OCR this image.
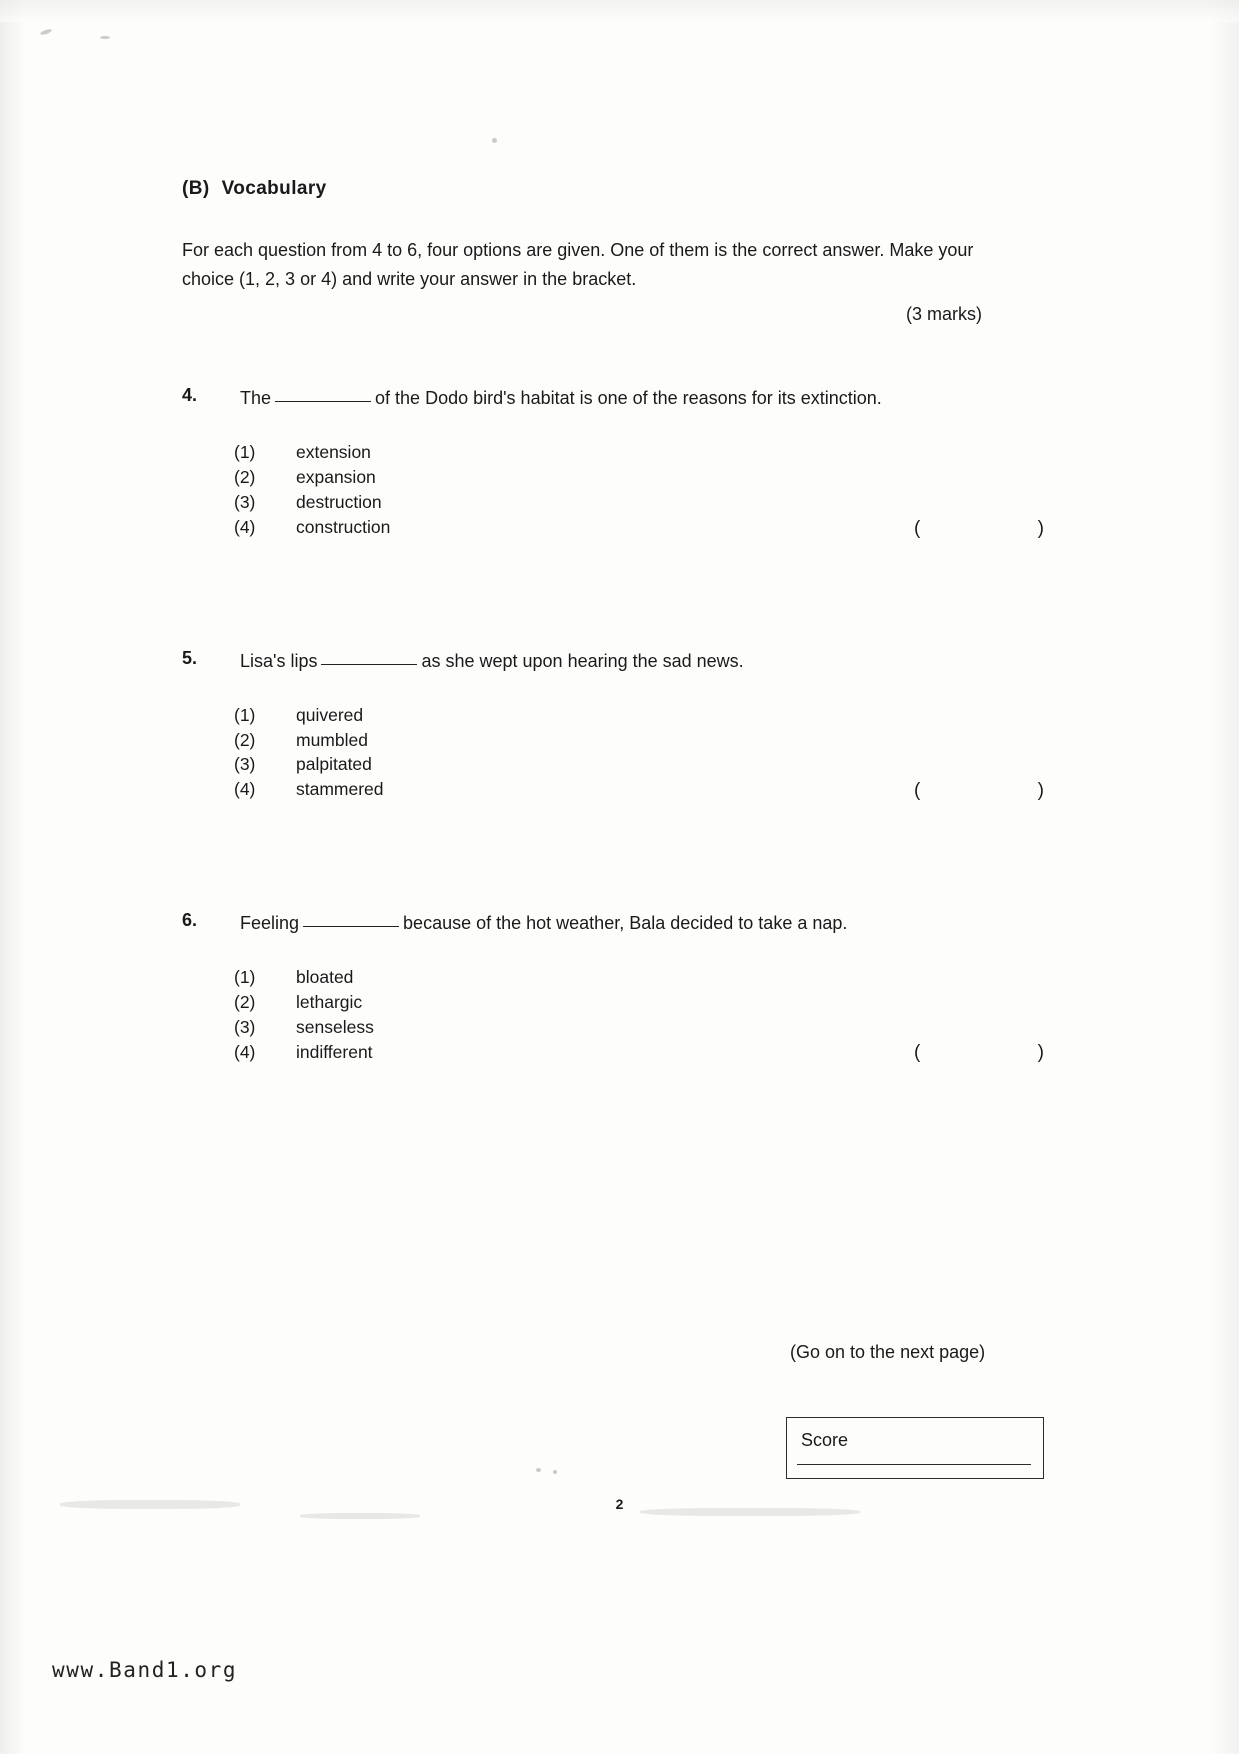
(B) Vocabulary

For each question from 4 to 6, four options are given. One of them is the correct answer. Make your choice (1, 2, 3 or 4) and write your answer in the bracket.

(3 marks)
4.	The	of the Dodo bird's habitat is one of the reasons for its extinction.
(1)	extension
(2)	expansion
(3)	destruction
(4)	construction	(	)
5.	Lisa's lips	as she wept upon hearing the sad news.
(1)	quivered
(2)	mumbled
(3)	palpitated
(4)	stammered	(	)
6.	Feeling	because of the hot weather, Bala decided to take a nap.
(1)	bloated
(2)	lethargic
(3)	senseless
(4)	indifferent	(	)
(Go on to the next page)
Score
2
www.Band1.org
